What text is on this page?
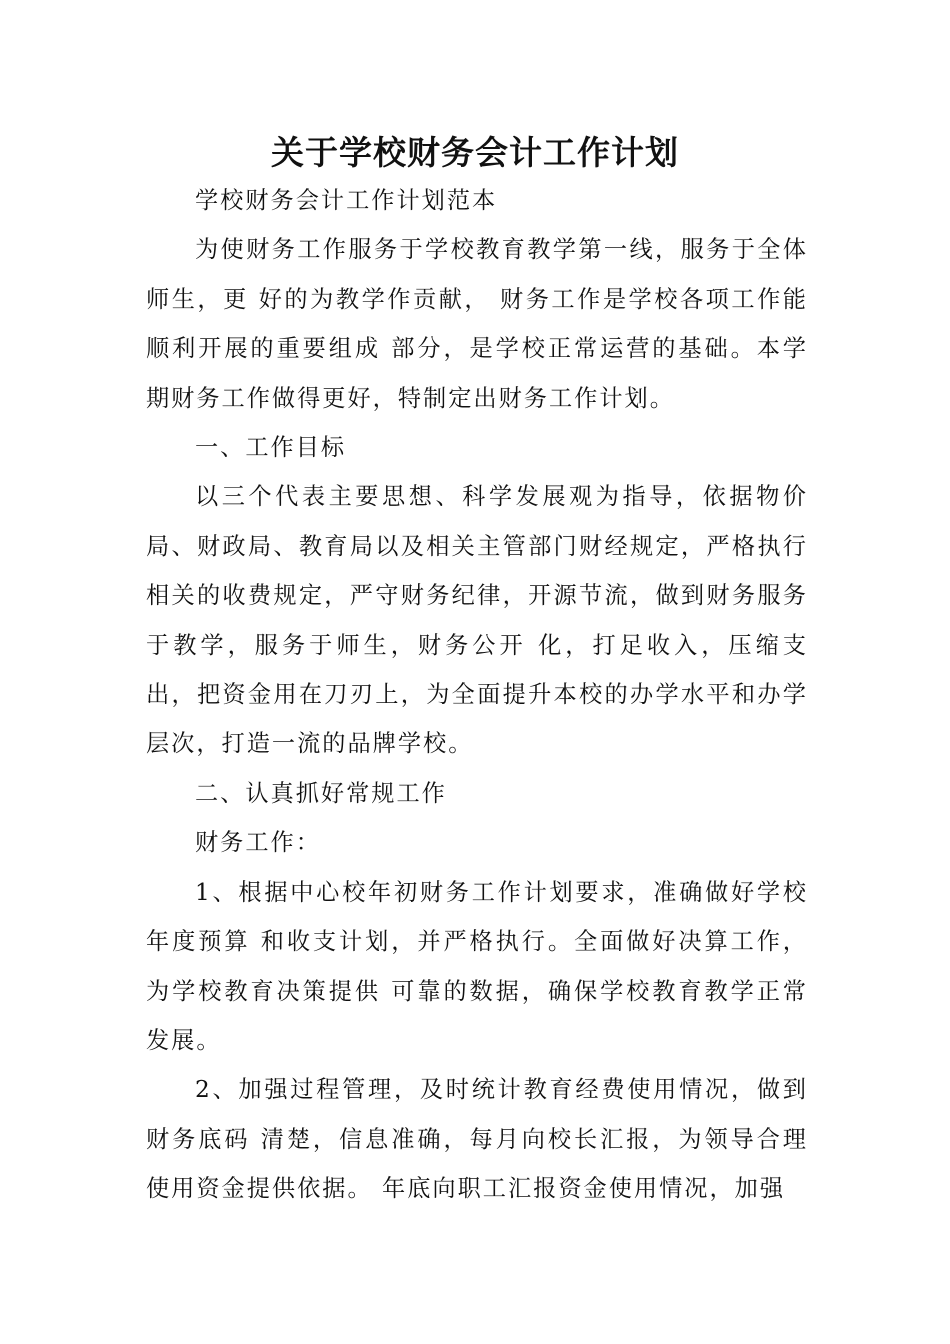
关于学校财务会计工作计划

学校财务会计工作计划范本

为使财务工作服务于学校教育教学第一线，服务于全体师生，更 好的为教学作贡献， 财务工作是学校各项工作能顺利开展的重要组成 部分，是学校正常运营的基础。本学期财务工作做得更好，特制定出财务工作计划。

一、工作目标

以三个代表主要思想、科学发展观为指导，依据物价局、财政局、教育局以及相关主管部门财经规定，严格执行相关的收费规定，严守财务纪律，开源节流，做到财务服务于教学，服务于师生，财务公开 化，打足收入，压缩支出，把资金用在刀刃上，为全面提升本校的办学水平和办学层次，打造一流的品牌学校。

二、认真抓好常规工作

财务工作：

1、根据中心校年初财务工作计划要求，准确做好学校年度预算 和收支计划，并严格执行。全面做好决算工作，为学校教育决策提供 可靠的数据，确保学校教育教学正常发展。

2、加强过程管理，及时统计教育经费使用情况，做到财务底码 清楚，信息准确，每月向校长汇报，为领导合理使用资金提供依据。 年底向职工汇报资金使用情况，加强
